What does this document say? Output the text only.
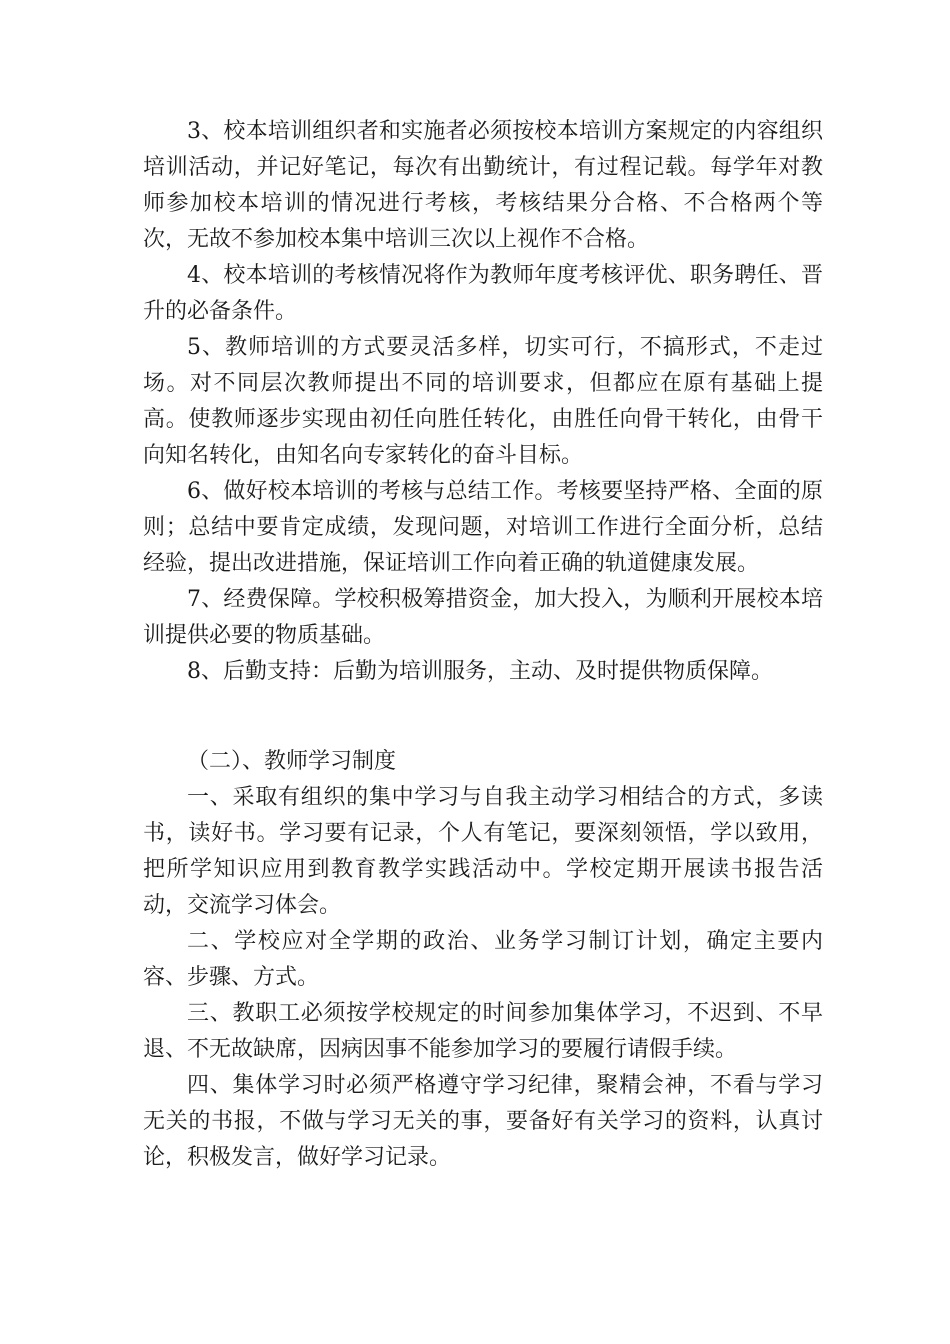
3、校本培训组织者和实施者必须按校本培训方案规定的内容组织培训活动，并记好笔记，每次有出勤统计，有过程记载。每学年对教师参加校本培训的情况进行考核，考核结果分合格、不合格两个等次，无故不参加校本集中培训三次以上视作不合格。

4、校本培训的考核情况将作为教师年度考核评优、职务聘任、晋升的必备条件。

5、教师培训的方式要灵活多样，切实可行，不搞形式，不走过场。对不同层次教师提出不同的培训要求，但都应在原有基础上提高。使教师逐步实现由初任向胜任转化，由胜任向骨干转化，由骨干向知名转化，由知名向专家转化的奋斗目标。

6、做好校本培训的考核与总结工作。考核要坚持严格、全面的原则；总结中要肯定成绩，发现问题，对培训工作进行全面分析，总结经验，提出改进措施，保证培训工作向着正确的轨道健康发展。

7、经费保障。学校积极筹措资金，加大投入，为顺利开展校本培训提供必要的物质基础。

8、后勤支持：后勤为培训服务，主动、及时提供物质保障。

（二）、教师学习制度

一、采取有组织的集中学习与自我主动学习相结合的方式，多读书，读好书。学习要有记录，个人有笔记，要深刻领悟，学以致用，把所学知识应用到教育教学实践活动中。学校定期开展读书报告活动，交流学习体会。

二、学校应对全学期的政治、业务学习制订计划，确定主要内容、步骤、方式。

三、教职工必须按学校规定的时间参加集体学习，不迟到、不早退、不无故缺席，因病因事不能参加学习的要履行请假手续。

四、集体学习时必须严格遵守学习纪律，聚精会神，不看与学习无关的书报，不做与学习无关的事，要备好有关学习的资料，认真讨论，积极发言，做好学习记录。
